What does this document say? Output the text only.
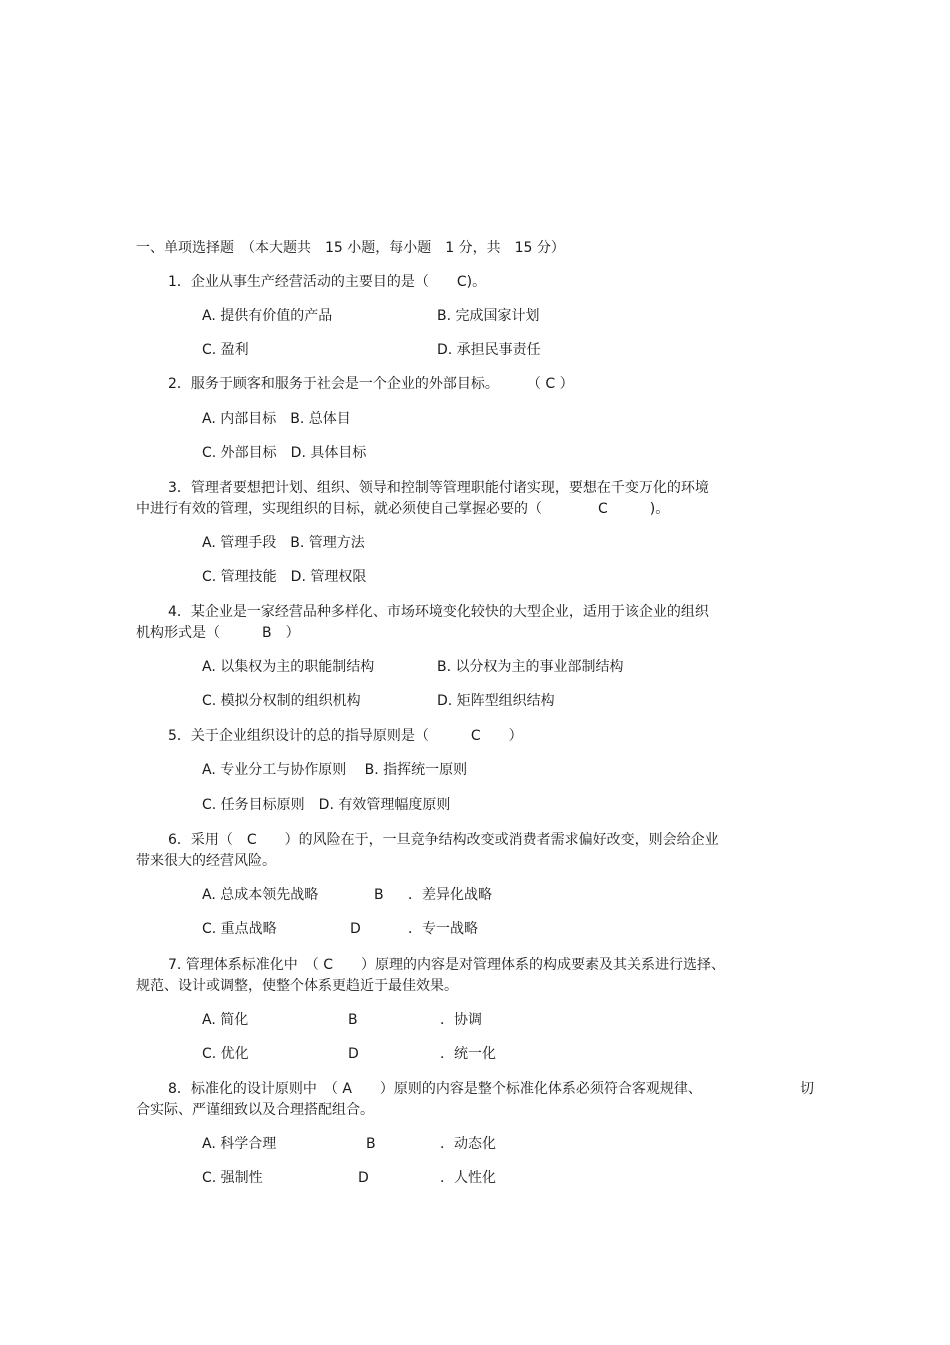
一、单项选择题　（本大题共　15 小题，每小题　1 分，共　15 分）
1．企业从事生产经营活动的主要目的是（　　C)。
A. 提供有价值的产品	B. 完成国家计划
C. 盈利	D. 承担民事责任
2．服务于顾客和服务于社会是一个企业的外部目标。　　　（ C ）
A. 内部目标　B. 总体目
C. 外部目标　D. 具体目标
3．管理者要想把计划、组织、领导和控制等管理职能付诸实现，要想在千变万化的环境
中进行有效的管理，实现组织的目标，就必须使自己掌握必要的（　　　　C　　　)。
A. 管理手段　B. 管理方法
C. 管理技能　D. 管理权限
4．某企业是一家经营品种多样化、市场环境变化较快的大型企业，适用于该企业的组织
机构形式是（　　　B　）
A. 以集权为主的职能制结构	B. 以分权为主的事业部制结构
C. 模拟分权制的组织机构	D. 矩阵型组织结构
5．关于企业组织设计的总的指导原则是（　　　C　　）
A. 专业分工与协作原则　 B. 指挥统一原则
C. 任务目标原则　D. 有效管理幅度原则
6．采用（　C　　）的风险在于，一旦竞争结构改变或消费者需求偏好改变，则会给企业
带来很大的经营风险。
A. 总成本领先战略	B ．差异化战略
C. 重点战略	D	．专一战略
7. 管理体系标准化中　（ C　　）原理的内容是对管理体系的构成要素及其关系进行选择、
规范、设计或调整，使整个体系更趋近于最佳效果。
A. 简化	B	．协调
C. 优化	D	．统一化
8．标准化的设计原则中　（ A　　）原则的内容是整个标准化体系必须符合客观规律、	切
合实际、严谨细致以及合理搭配组合。
A. 科学合理	B	．动态化
C. 强制性	D	．人性化
